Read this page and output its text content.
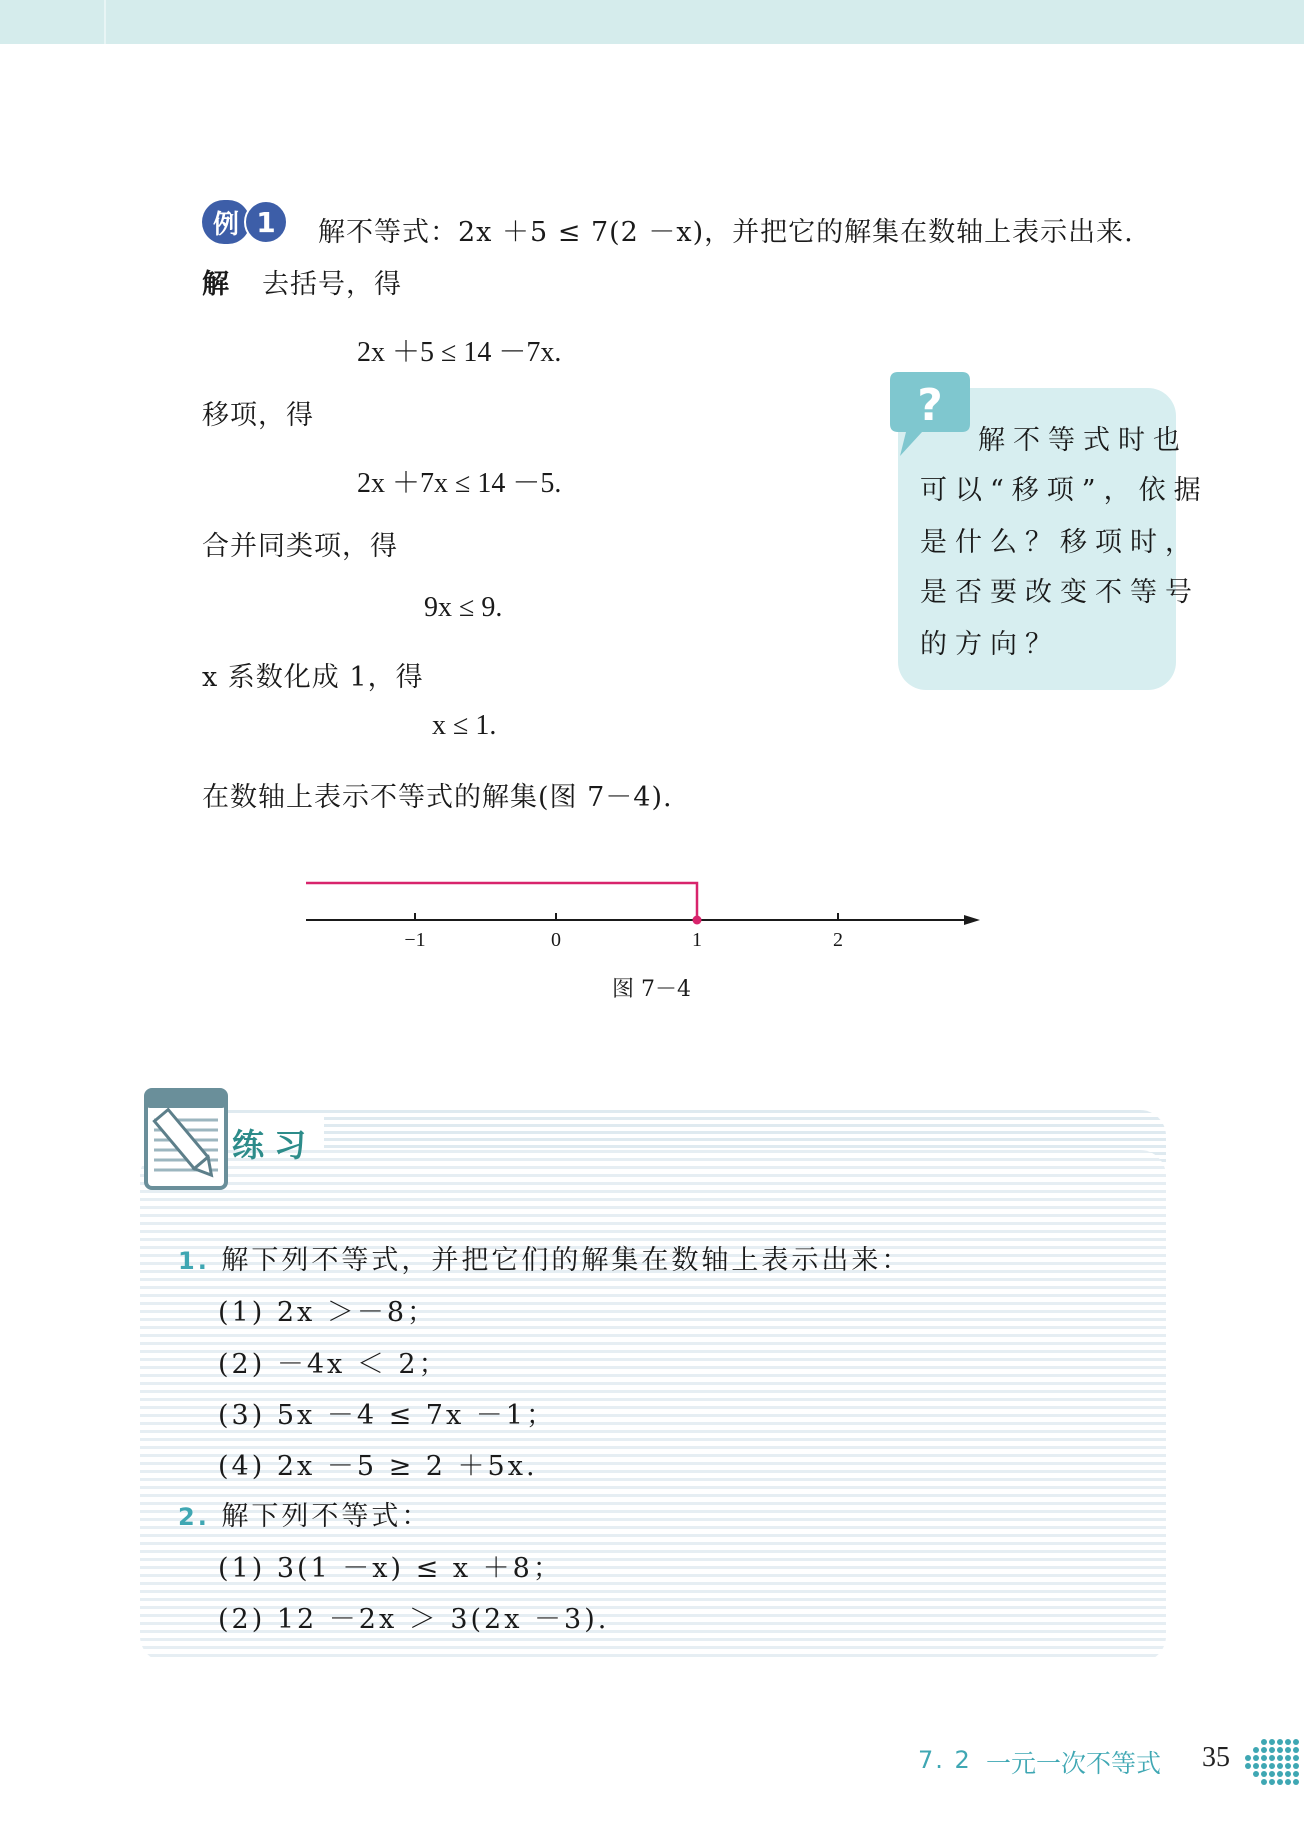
例 1	解不等式：2x ＋5 ≤ 7(2 －x)，并把它的解集在数轴上表示出来.
解 去括号，得
2x ＋5 ≤ 14 －7x.
移项，得
2x ＋7x ≤ 14 －5.
合并同类项，得
9x ≤ 9.
x 系数化成 1，得
x ≤ 1.
在数轴上表示不等式的解集(图 7－4).
?
解不等式时也
可以“移项”，依据
是什么？移项时，
是否要改变不等号
的方向？
−1	0	1	2
图 7－4
练习
1. 解下列不等式，并把它们的解集在数轴上表示出来：
(1) 2x ＞－8；
(2) －4x ＜ 2；
(3) 5x －4 ≤ 7x －1；
(4) 2x －5 ≥ 2 ＋5x.
2. 解下列不等式：
(1) 3(1 －x) ≤ x ＋8；
(2) 12 －2x ＞ 3(2x －3).
7. 2 一元一次不等式 35
